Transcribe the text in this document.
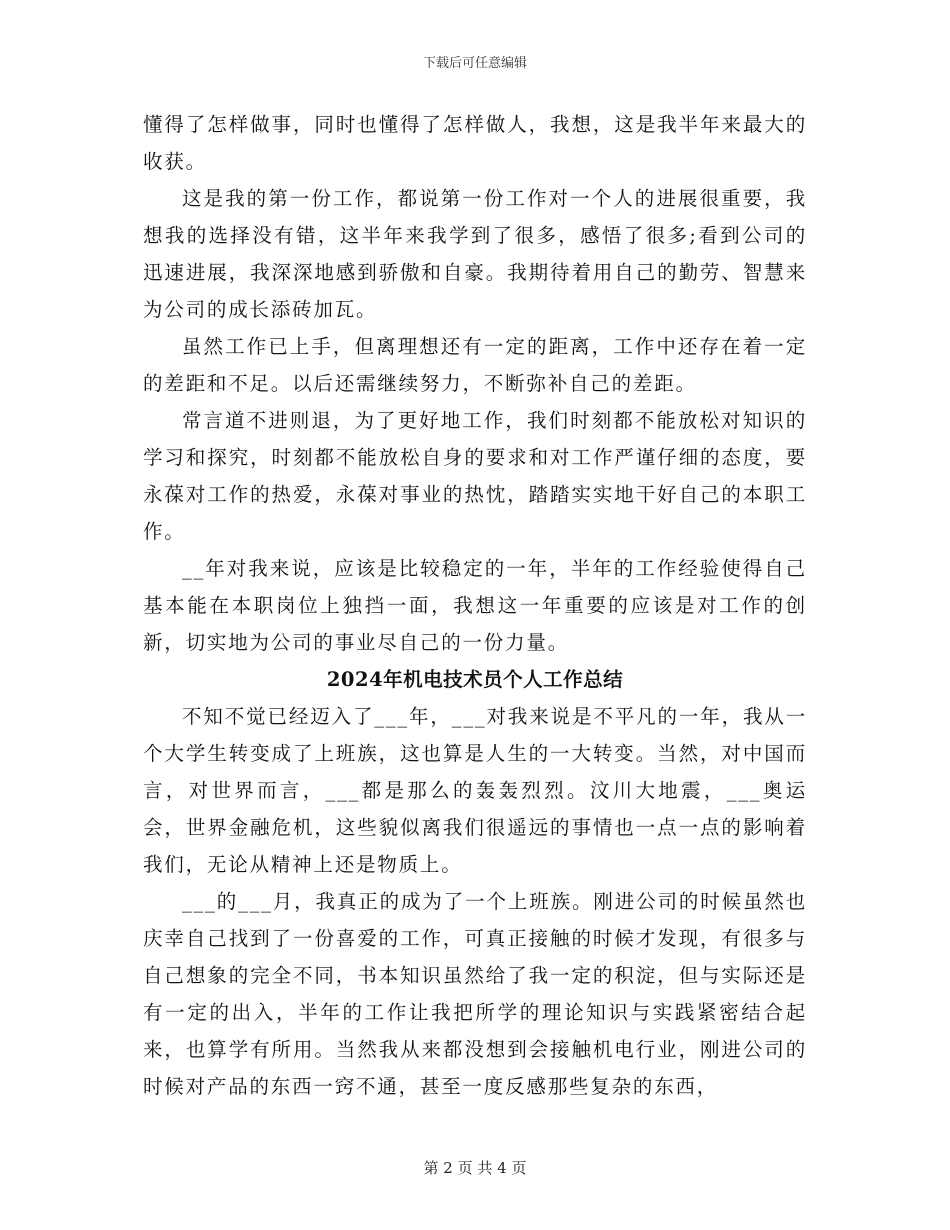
下载后可任意编辑

懂得了怎样做事，同时也懂得了怎样做人，我想，这是我半年来最大的收获。

这是我的第一份工作，都说第一份工作对一个人的进展很重要，我想我的选择没有错，这半年来我学到了很多，感悟了很多;看到公司的迅速进展，我深深地感到骄傲和自豪。我期待着用自己的勤劳、智慧来为公司的成长添砖加瓦。

虽然工作已上手，但离理想还有一定的距离，工作中还存在着一定的差距和不足。以后还需继续努力，不断弥补自己的差距。

常言道不进则退，为了更好地工作，我们时刻都不能放松对知识的学习和探究，时刻都不能放松自身的要求和对工作严谨仔细的态度，要永葆对工作的热爱，永葆对事业的热忱，踏踏实实地干好自己的本职工作。

__年对我来说，应该是比较稳定的一年，半年的工作经验使得自己基本能在本职岗位上独挡一面，我想这一年重要的应该是对工作的创新，切实地为公司的事业尽自己的一份力量。

2024年机电技术员个人工作总结

不知不觉已经迈入了___年，___对我来说是不平凡的一年，我从一个大学生转变成了上班族，这也算是人生的一大转变。当然，对中国而言，对世界而言，___都是那么的轰轰烈烈。汶川大地震，___奥运会，世界金融危机，这些貌似离我们很遥远的事情也一点一点的影响着我们，无论从精神上还是物质上。

___的___月，我真正的成为了一个上班族。刚进公司的时候虽然也庆幸自己找到了一份喜爱的工作，可真正接触的时候才发现，有很多与自己想象的完全不同，书本知识虽然给了我一定的积淀，但与实际还是有一定的出入，半年的工作让我把所学的理论知识与实践紧密结合起来，也算学有所用。当然我从来都没想到会接触机电行业，刚进公司的时候对产品的东西一窍不通，甚至一度反感那些复杂的东西，

第 2 页 共 4 页
